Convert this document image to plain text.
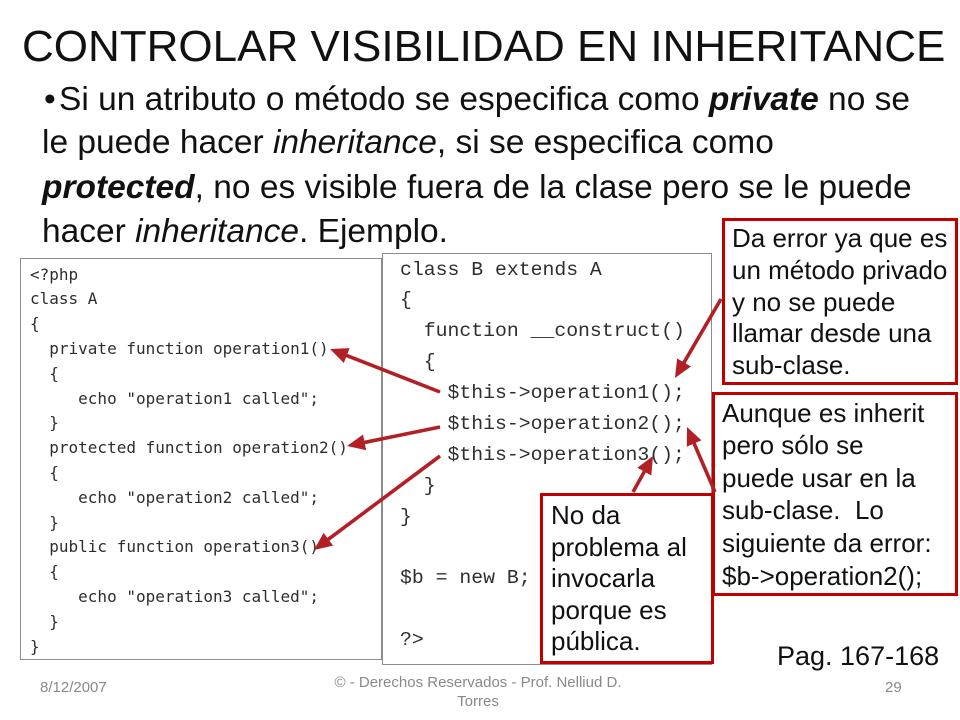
CONTROLAR VISIBILIDAD EN INHERITANCE
• Si un atributo o método se especifica como private no se
le puede hacer inheritance, si se especifica como
protected, no es visible fuera de la clase pero se le puede
hacer inheritance. Ejemplo.
<?php
class A
{
private function operation1()
{
echo "operation1 called";
}
protected function operation2()
{
echo "operation2 called";
}
public function operation3()
{
echo "operation3 called";
}
}
class B extends A
{
function __construct()
{
$this->operation1();
$this->operation2();
$this->operation3();
}
}
$b = new B;
?>
Da error ya que es
un método privado
y no se puede
llamar desde una
sub-clase.
Aunque es inherit
pero sólo se
puede usar en la
sub-clase.  Lo
siguiente da error:
$b->operation2();
No da
problema al
invocarla
porque es
pública.	Pag. 167-168
8/12/2007	© - Derechos Reservados - Prof. Nelliud D. Torres
29
